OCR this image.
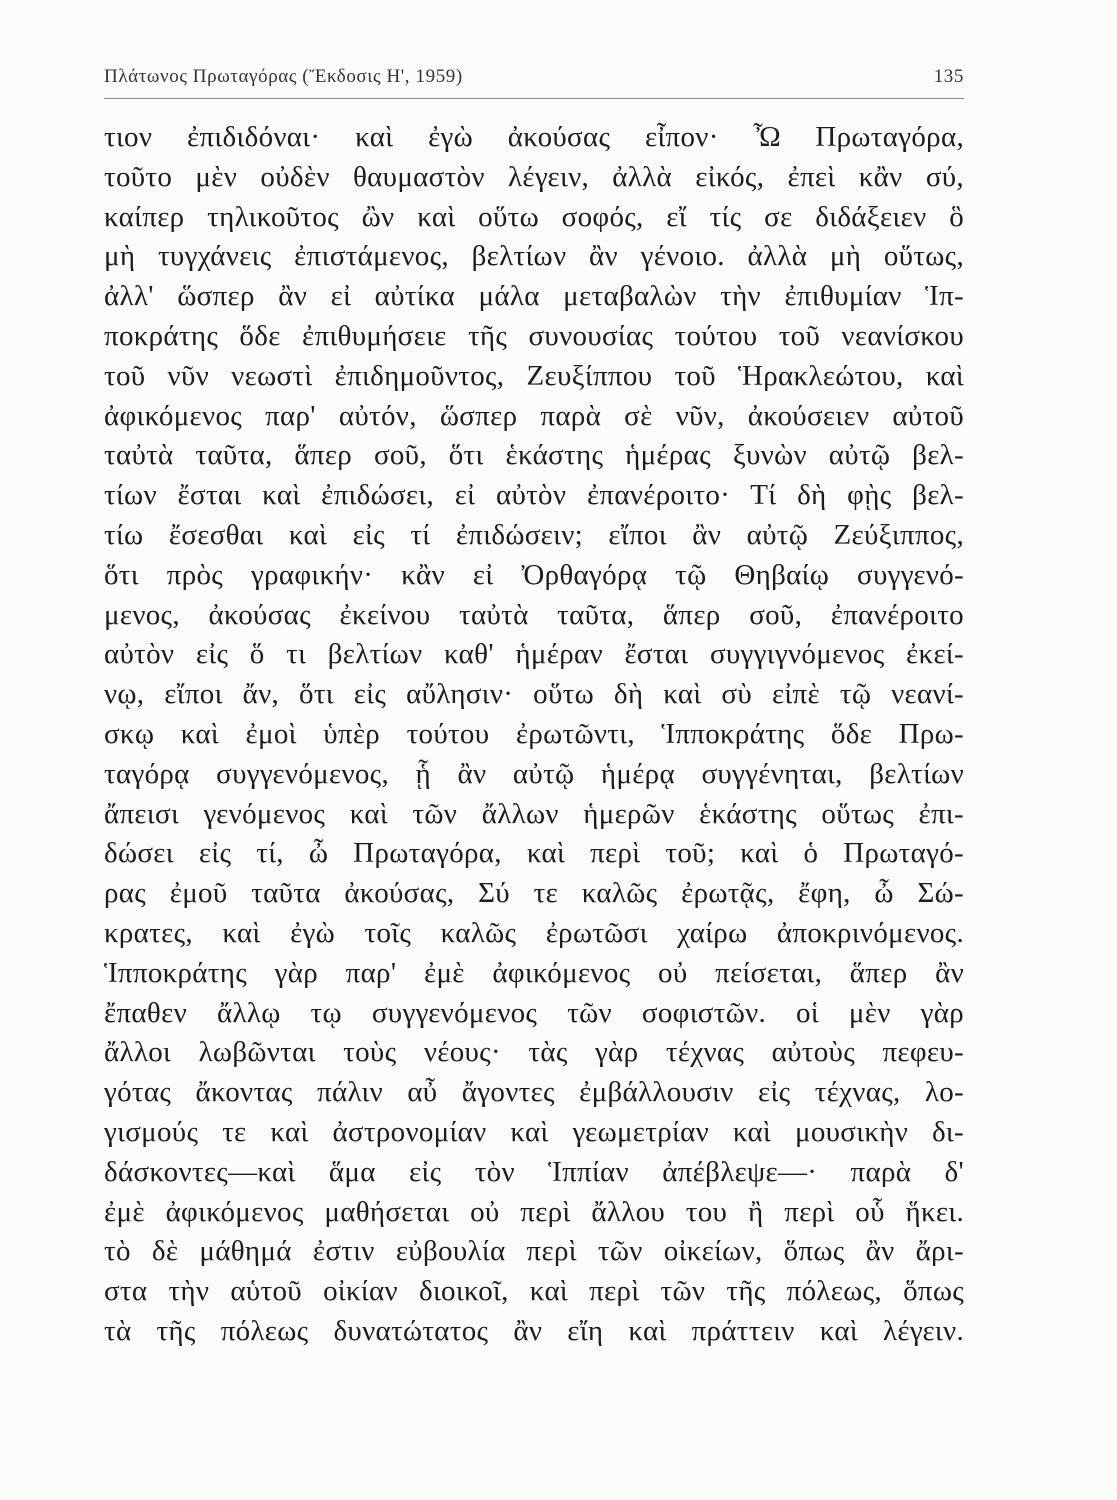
Πλάτωνος Πρωταγόρας (Ἔκδοσις Η', 1959)	135
τιον ἐπιδιδόναι· καὶ ἐγὼ ἀκούσας εἶπον· Ὦ Πρωταγόρα,
τοῦτο μὲν οὐδὲν θαυμαστὸν λέγειν, ἀλλὰ εἰκός, ἐπεὶ κἂν σύ,
καίπερ τηλικοῦτος ὢν καὶ οὕτω σοφός, εἴ τίς σε διδάξειεν ὃ
μὴ τυγχάνεις ἐπιστάμενος, βελτίων ἂν γένοιο. ἀλλὰ μὴ οὕτως,
ἀλλ' ὥσπερ ἂν εἰ αὐτίκα μάλα μεταβαλὼν τὴν ἐπιθυμίαν Ἱπ-
ποκράτης ὅδε ἐπιθυμήσειε τῆς συνουσίας τούτου τοῦ νεανίσκου
τοῦ νῦν νεωστὶ ἐπιδημοῦντος, Ζευξίππου τοῦ Ἡρακλεώτου, καὶ
ἀφικόμενος παρ' αὐτόν, ὥσπερ παρὰ σὲ νῦν, ἀκούσειεν αὐτοῦ
ταὐτὰ ταῦτα, ἅπερ σοῦ, ὅτι ἑκάστης ἡμέρας ξυνὼν αὐτῷ βελ-
τίων ἔσται καὶ ἐπιδώσει, εἰ αὐτὸν ἐπανέροιτο· Τί δὴ φῂς βελ-
τίω ἔσεσθαι καὶ εἰς τί ἐπιδώσειν; εἴποι ἂν αὐτῷ Ζεύξιππος,
ὅτι πρὸς γραφικήν· κἂν εἰ Ὀρθαγόρᾳ τῷ Θηβαίῳ συγγενό-
μενος, ἀκούσας ἐκείνου ταὐτὰ ταῦτα, ἅπερ σοῦ, ἐπανέροιτο
αὐτὸν εἰς ὅ τι βελτίων καθ' ἡμέραν ἔσται συγγιγνόμενος ἐκεί-
νῳ, εἴποι ἄν, ὅτι εἰς αὔλησιν· οὕτω δὴ καὶ σὺ εἰπὲ τῷ νεανί-
σκῳ καὶ ἐμοὶ ὑπὲρ τούτου ἐρωτῶντι, Ἱπποκράτης ὅδε Πρω-
ταγόρᾳ συγγενόμενος, ᾗ ἂν αὐτῷ ἡμέρᾳ συγγένηται, βελτίων
ἄπεισι γενόμενος καὶ τῶν ἄλλων ἡμερῶν ἑκάστης οὕτως ἐπι-
δώσει εἰς τί, ὦ Πρωταγόρα, καὶ περὶ τοῦ; καὶ ὁ Πρωταγό-
ρας ἐμοῦ ταῦτα ἀκούσας, Σύ τε καλῶς ἐρωτᾷς, ἔφη, ὦ Σώ-
κρατες, καὶ ἐγὼ τοῖς καλῶς ἐρωτῶσι χαίρω ἀποκρινόμενος.
Ἱπποκράτης γὰρ παρ' ἐμὲ ἀφικόμενος οὐ πείσεται, ἅπερ ἂν
ἔπαθεν ἄλλῳ τῳ συγγενόμενος τῶν σοφιστῶν. οἱ μὲν γὰρ
ἄλλοι λωβῶνται τοὺς νέους· τὰς γὰρ τέχνας αὐτοὺς πεφευ-
γότας ἄκοντας πάλιν αὖ ἄγοντες ἐμβάλλουσιν εἰς τέχνας, λο-
γισμούς τε καὶ ἀστρονομίαν καὶ γεωμετρίαν καὶ μουσικὴν δι-
δάσκοντες—καὶ ἅμα εἰς τὸν Ἱππίαν ἀπέβλεψε—· παρὰ δ'
ἐμὲ ἀφικόμενος μαθήσεται οὐ περὶ ἄλλου του ἢ περὶ οὗ ἥκει.
τὸ δὲ μάθημά ἐστιν εὐβουλία περὶ τῶν οἰκείων, ὅπως ἂν ἄρι-
στα τὴν αὑτοῦ οἰκίαν διοικοῖ, καὶ περὶ τῶν τῆς πόλεως, ὅπως
τὰ τῆς πόλεως δυνατώτατος ἂν εἴη καὶ πράττειν καὶ λέγειν.
